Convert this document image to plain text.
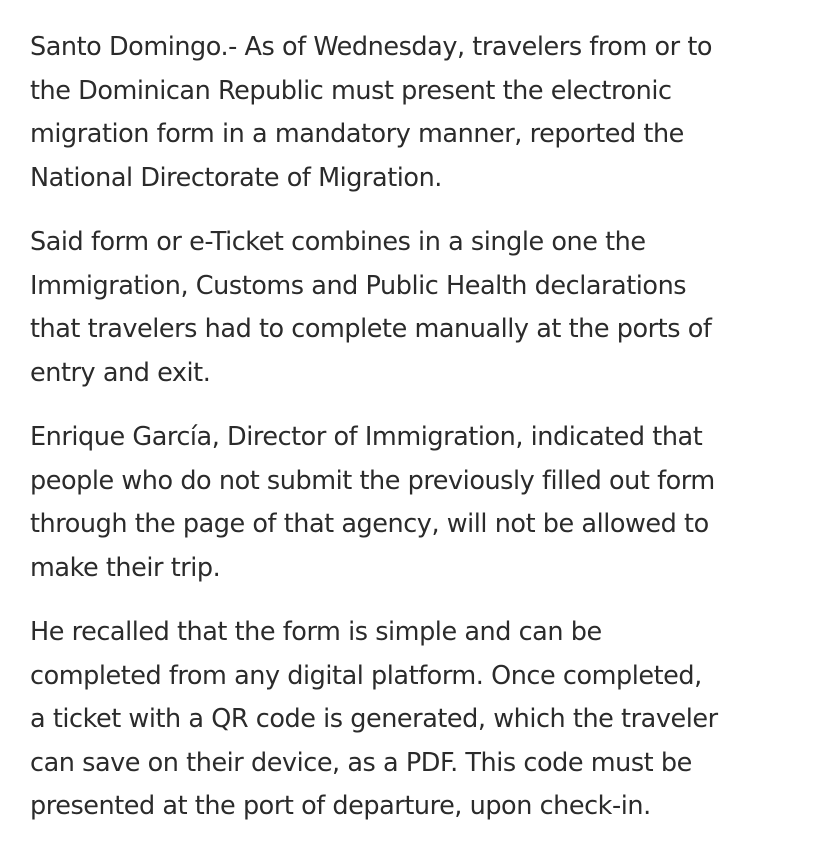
Santo Domingo.- As of Wednesday, travelers from or to
the Dominican Republic must present the electronic
migration form in a mandatory manner, reported the
National Directorate of Migration.

Said form or e-Ticket combines in a single one the
Immigration, Customs and Public Health declarations
that travelers had to complete manually at the ports of
entry and exit.

Enrique García, Director of Immigration, indicated that
people who do not submit the previously filled out form
through the page of that agency, will not be allowed to
make their trip.

He recalled that the form is simple and can be
completed from any digital platform. Once completed,
a ticket with a QR code is generated, which the traveler
can save on their device, as a PDF. This code must be
presented at the port of departure, upon check-in.
